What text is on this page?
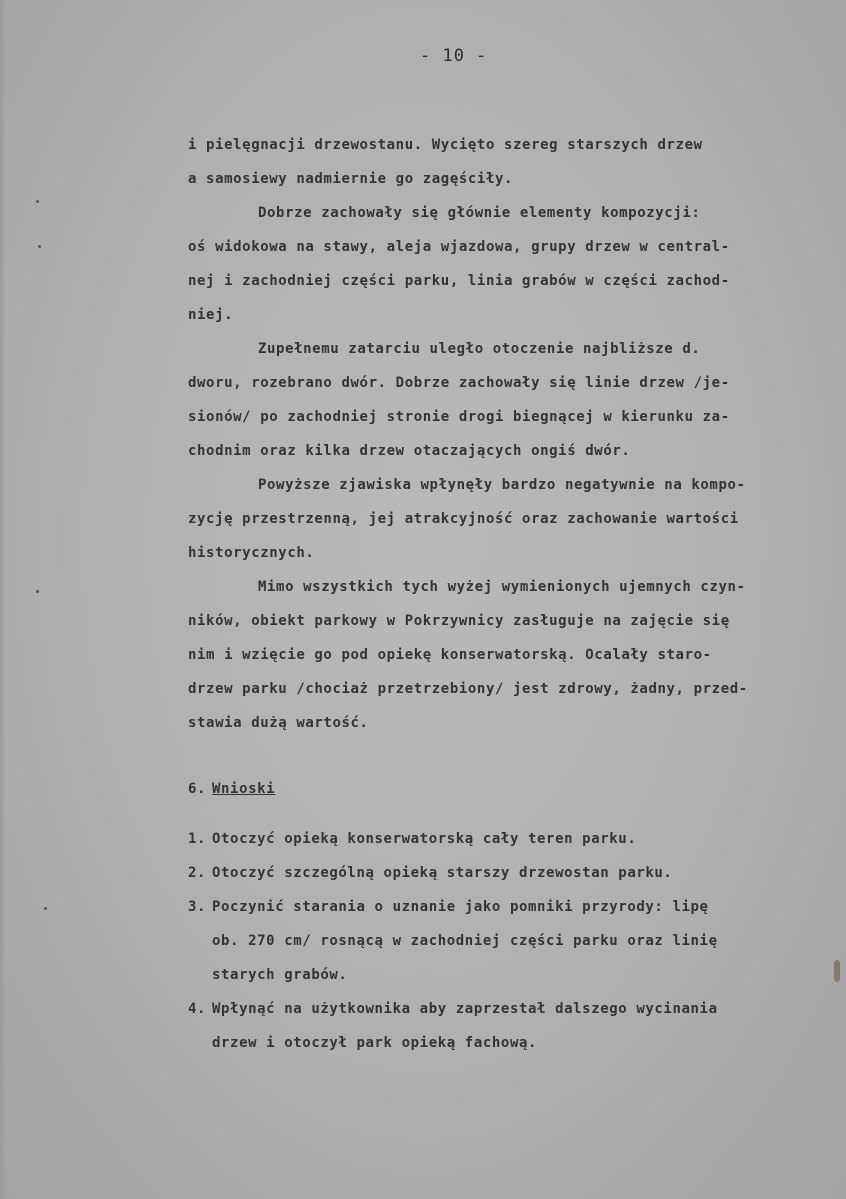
- 10 -
i pielęgnacji drzewostanu. Wycięto szereg starszych drzew
a samosiewy nadmiernie go zagęściły.
Dobrze zachowały się głównie elementy kompozycji:
oś widokowa na stawy, aleja wjazdowa, grupy drzew w central-
nej i zachodniej części parku, linia grabów w części zachod-
niej.
Zupełnemu zatarciu uległo otoczenie najbliższe d.
dworu, rozebrano dwór. Dobrze zachowały się linie drzew /je-
sionów/ po zachodniej stronie drogi biegnącej w kierunku za-
chodnim oraz kilka drzew otaczających ongiś dwór.
Powyższe zjawiska wpłynęły bardzo negatywnie na kompo-
zycję przestrzenną, jej atrakcyjność oraz zachowanie wartości
historycznych.
Mimo wszystkich tych wyżej wymienionych ujemnych czyn-
ników, obiekt parkowy w Pokrzywnicy zasługuje na zajęcie się
nim i wzięcie go pod opiekę konserwatorską. Ocalały staro-
drzew parku /chociaż przetrzebiony/ jest zdrowy, żadny, przed-
stawia dużą wartość.
6. Wnioski
1. Otoczyć opieką konserwatorską cały teren parku.
2. Otoczyć szczególną opieką starszy drzewostan parku.
3. Poczynić starania o uznanie jako pomniki przyrody: lipę
ob. 270 cm/ rosnącą w zachodniej części parku oraz linię
starych grabów.
4. Wpłynąć na użytkownika aby zaprzestał dalszego wycinania
drzew i otoczył park opieką fachową.
